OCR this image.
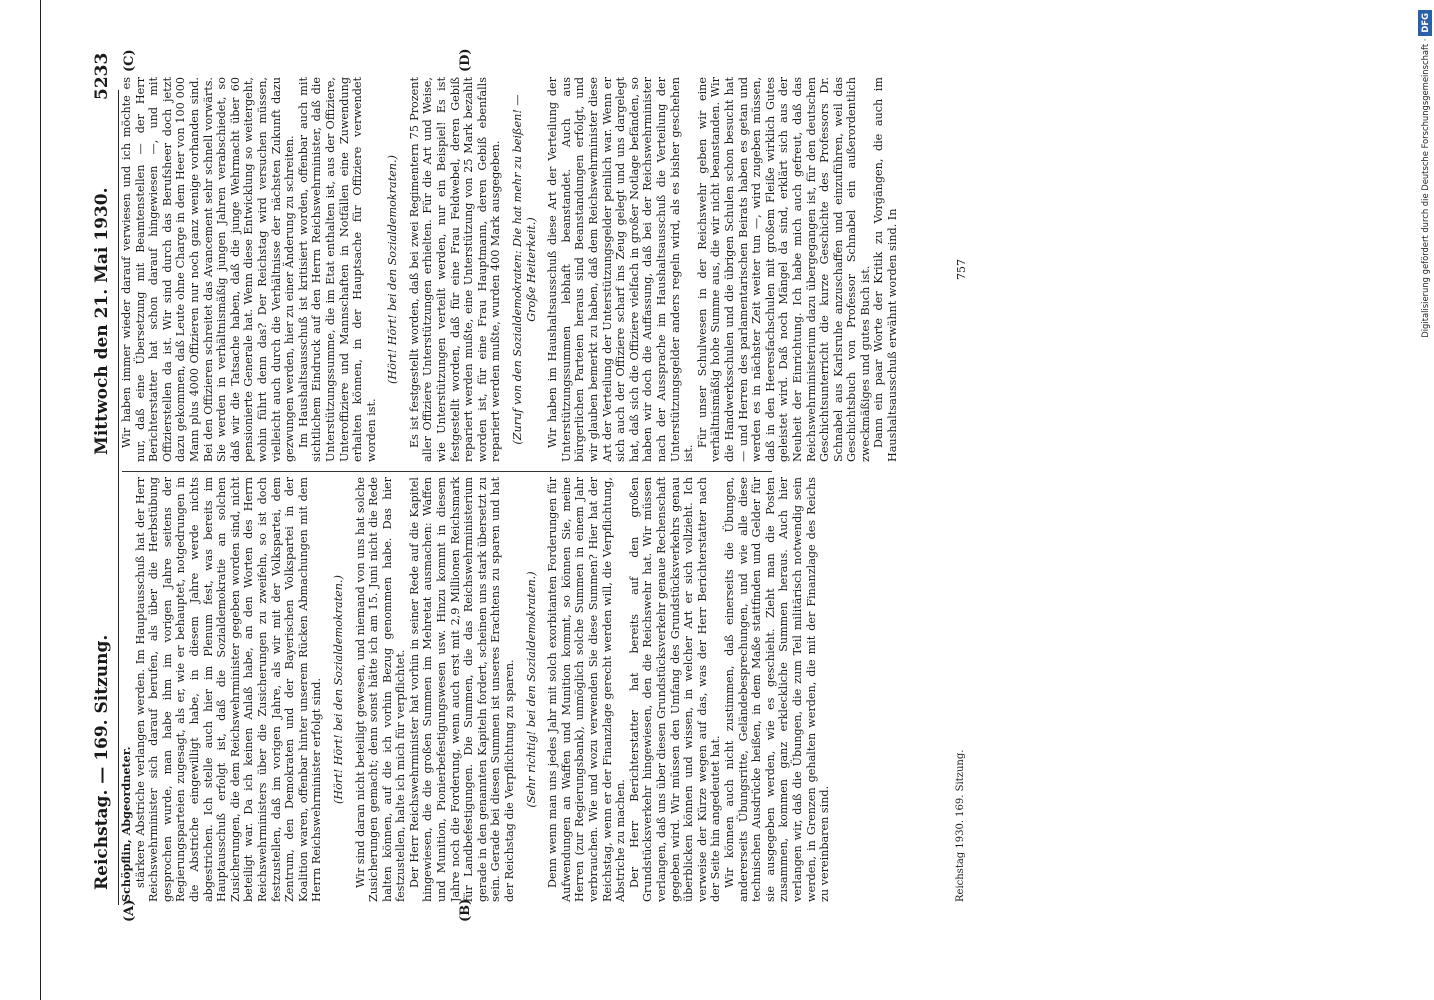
Reichstag. — 169. Sitzung.
Mittwoch den 21. Mai 1930.
5233

Schöpflin, Abgeordneter. stärkere Abstriche verlangen werden. Im Hauptausschuß hat der Herr Reichswehrminister sich darauf berufen, als über die Herbstübung gesprochen wurde, man habe ihm im vorigen Jahre seitens der Regierungsparteien zugesagt, als er, wie er behauptet, notgedrungen in die Abstriche eingewilligt habe, in diesem Jahre werde nichts abgestrichen. Ich stelle auch hier im Plenum fest, was bereits im Hauptausschuß erfolgt ist, daß die Sozialdemokratie an solchen Zusicherungen, die dem Reichswehrminister gegeben worden sind, nicht beteiligt war. Da ich keinen Anlaß habe, an den Worten des Herrn Reichswehrministers über die Zusicherungen zu zweifeln, so ist doch festzustellen, daß im vorigen Jahre, als wir mit der Volkspartei, dem Zentrum, den Demokraten und der Bayerischen Volkspartei in der Koalition waren, offenbar hinter unserem Rücken Abmachungen mit dem Herrn Reichswehrminister erfolgt sind. (Hört! Hört! bei den Sozialdemokraten.) Wir sind daran nicht beteiligt gewesen, und niemand von uns hat solche Zusicherungen gemacht; denn sonst hätte ich am 15. Juni nicht die Rede halten können, auf die ich vorhin Bezug genommen habe. Das hier festzustellen, halte ich mich für verpflichtet. Der Herr Reichswehrminister hat vorhin in seiner Rede auf die Kapitel hingewiesen, die die großen Summen im Mehretat ausmachen: Waffen und Munition, Pionierbefestigungswesen usw. Hinzu kommt in diesem Jahre noch die Forderung, wenn auch erst mit 2,9 Millionen Reichsmark für Landbefestigungen. Die Summen, die das Reichswehrministerium gerade in den genannten Kapiteln fordert, scheinen uns stark übersetzt zu sein. Gerade bei diesen Summen ist unseres Erachtens zu sparen und hat der Reichstag die Verpflichtung zu sparen. (Sehr richtig! bei den Sozialdemokraten.) Denn wenn man uns jedes Jahr mit solch exorbitanten Forderungen für Aufwendungen an Waffen und Munition kommt, so können Sie, meine Herren (zur Regierungsbank), unmöglich solche Summen in einem Jahr verbrauchen. Wie und wozu verwenden Sie diese Summen? Hier hat der Reichstag, wenn er der Finanzlage gerecht werden will, die Verpflichtung, Abstriche zu machen. Der Herr Berichterstatter hat bereits auf den großen Grundstücksverkehr hingewiesen, den die Reichswehr hat. Wir müssen verlangen, daß uns über diesen Grundstücksverkehr genaue Rechenschaft gegeben wird. Wir müssen den Umfang des Grundstücksverkehrs genau überblicken können und wissen, in welcher Art er sich vollzieht. Ich verweise der Kürze wegen auf das, was der Herr Berichterstatter nach der Seite hin angedeutet hat. Wir können auch nicht zustimmen, daß einerseits die Übungen, andererseits Übungsritte, Geländebesprechungen, und wie alle diese technischen Ausdrücke heißen, in dem Maße stattfinden und Gelder für sie ausgegeben werden, wie es geschieht. Zieht man die Posten zusammen, kommen ganz erkleckliche Summen heraus. Auch hier verlangen wir, daß die Übungen, die zum Teil militärisch notwendig sein werden, in Grenzen gehalten werden, die mit der Finanzlage des Reichs zu vereinbaren sind.

Wir haben immer wieder darauf verwiesen und ich möchte es nur, daß eine Übersetzung mit Beamtenstellen — der Herr Berichterstatter hat schon darauf hingewiesen —, und mit Offizierstellen da ist. Wir sind durch das Berufsheer doch jetzt dazu gekommen, daß Leute ohne Charge in dem Heer von 100 000 Mann plus 4000 Offizieren nur noch ganz wenige vorhanden sind. Bei den Offizieren schreitet das Avancement sehr schnell vorwärts. Sie werden in verhältnismäßig jungen Jahren verabschiedet, so daß wir die Tatsache haben, daß die junge Wehrmacht über 60 pensionierte Generale hat. Wenn diese Entwicklung so weitergeht, wohin führt denn das? Der Reichstag wird versuchen müssen, vielleicht auch durch die Verhältnisse der nächsten Zukunft dazu gezwungen werden, hier zu einer Änderung zu schreiten. Im Haushaltsausschuß ist kritisiert worden, offenbar auch mit sichtlichem Eindruck auf den Herrn Reichswehrminister, daß die Unterstützungssumme, die im Etat enthalten ist, aus der Offiziere, Unteroffiziere und Mannschaften in Notfällen eine Zuwendung erhalten können, in der Hauptsache für Offiziere verwendet worden ist.

(Hört! Hört! bei den Sozialdemokraten.) Es ist festgestellt worden, daß bei zwei Regimentern 75 Prozent aller Offiziere Unterstützungen erhielten. Für die Art und Weise, wie Unterstützungen verteilt werden, nur ein Beispiel! Es ist festgestellt worden, daß für eine Frau Feldwebel, deren Gebiß repariert werden mußte, eine Unterstützung von 25 Mark bezahlt worden ist, für eine Frau Hauptmann, deren Gebiß ebenfalls repariert werden mußte, wurden 400 Mark ausgegeben. (Zuruf von den Sozialdemokraten: Die hat mehr zu beißen! — Große Heiterkeit.) Wir haben im Haushaltsausschuß diese Art der Verteilung der Unterstützungssummen lebhaft beanstandet. Auch aus bürgerlichen Parteien heraus sind Beanstandungen erfolgt, und wir glauben bemerkt zu haben, daß dem Reichswehrminister diese Art der Verteilung der Unterstützungsgelder peinlich war. Wenn er sich auch der Offiziere scharf ins Zeug gelegt und uns dargelegt hat, daß sich die Offiziere vielfach in großer Notlage befänden, so haben wir doch die Auffassung, daß bei der Reichswehrminister nach der Aussprache im Haushaltsausschuß die Verteilung der Unterstützungsgelder anders regeln wird, als es bisher geschehen ist.

Für unser Schulwesen in der Reichswehr geben wir eine verhältnismäßig hohe Summe aus, die wir nicht beanstanden. Wir die Handwerksschulen und die übrigen Schulen schon besucht hat — und Herren des parlamentarischen Beirats haben es getan und werden es in nächster Zeit weiter tun —, wird zugeben müssen, daß in den Heeresfachschulen mit großem Fleiße wirklich Gutes geleistet wird. Daß noch Mängel da sind, erklärt sich aus der Neuheit der Einrichtung. Ich habe mich auch gefreut, daß das Reichswehrministerium dazu übergegangen ist, für den deutschen Geschichtsunterricht die kurze Geschichte des Professors Dr. Schnabel aus Karlsruhe anzuschaffen und einzuführen, weil das Geschichtsbuch von Professor Schnabel ein außerordentlich zweckmäßiges und gutes Buch ist. Dann ein paar Worte der Kritik zu Vorgängen, die auch im Haushaltsausschuß erwähnt worden sind. In

(A)	(B)
(C)	(D)
Reichstag 1930. 169. Sitzung.
757	Digitalisierung gefördert durch die Deutsche Forschungsgemeinschaft ·DFG
